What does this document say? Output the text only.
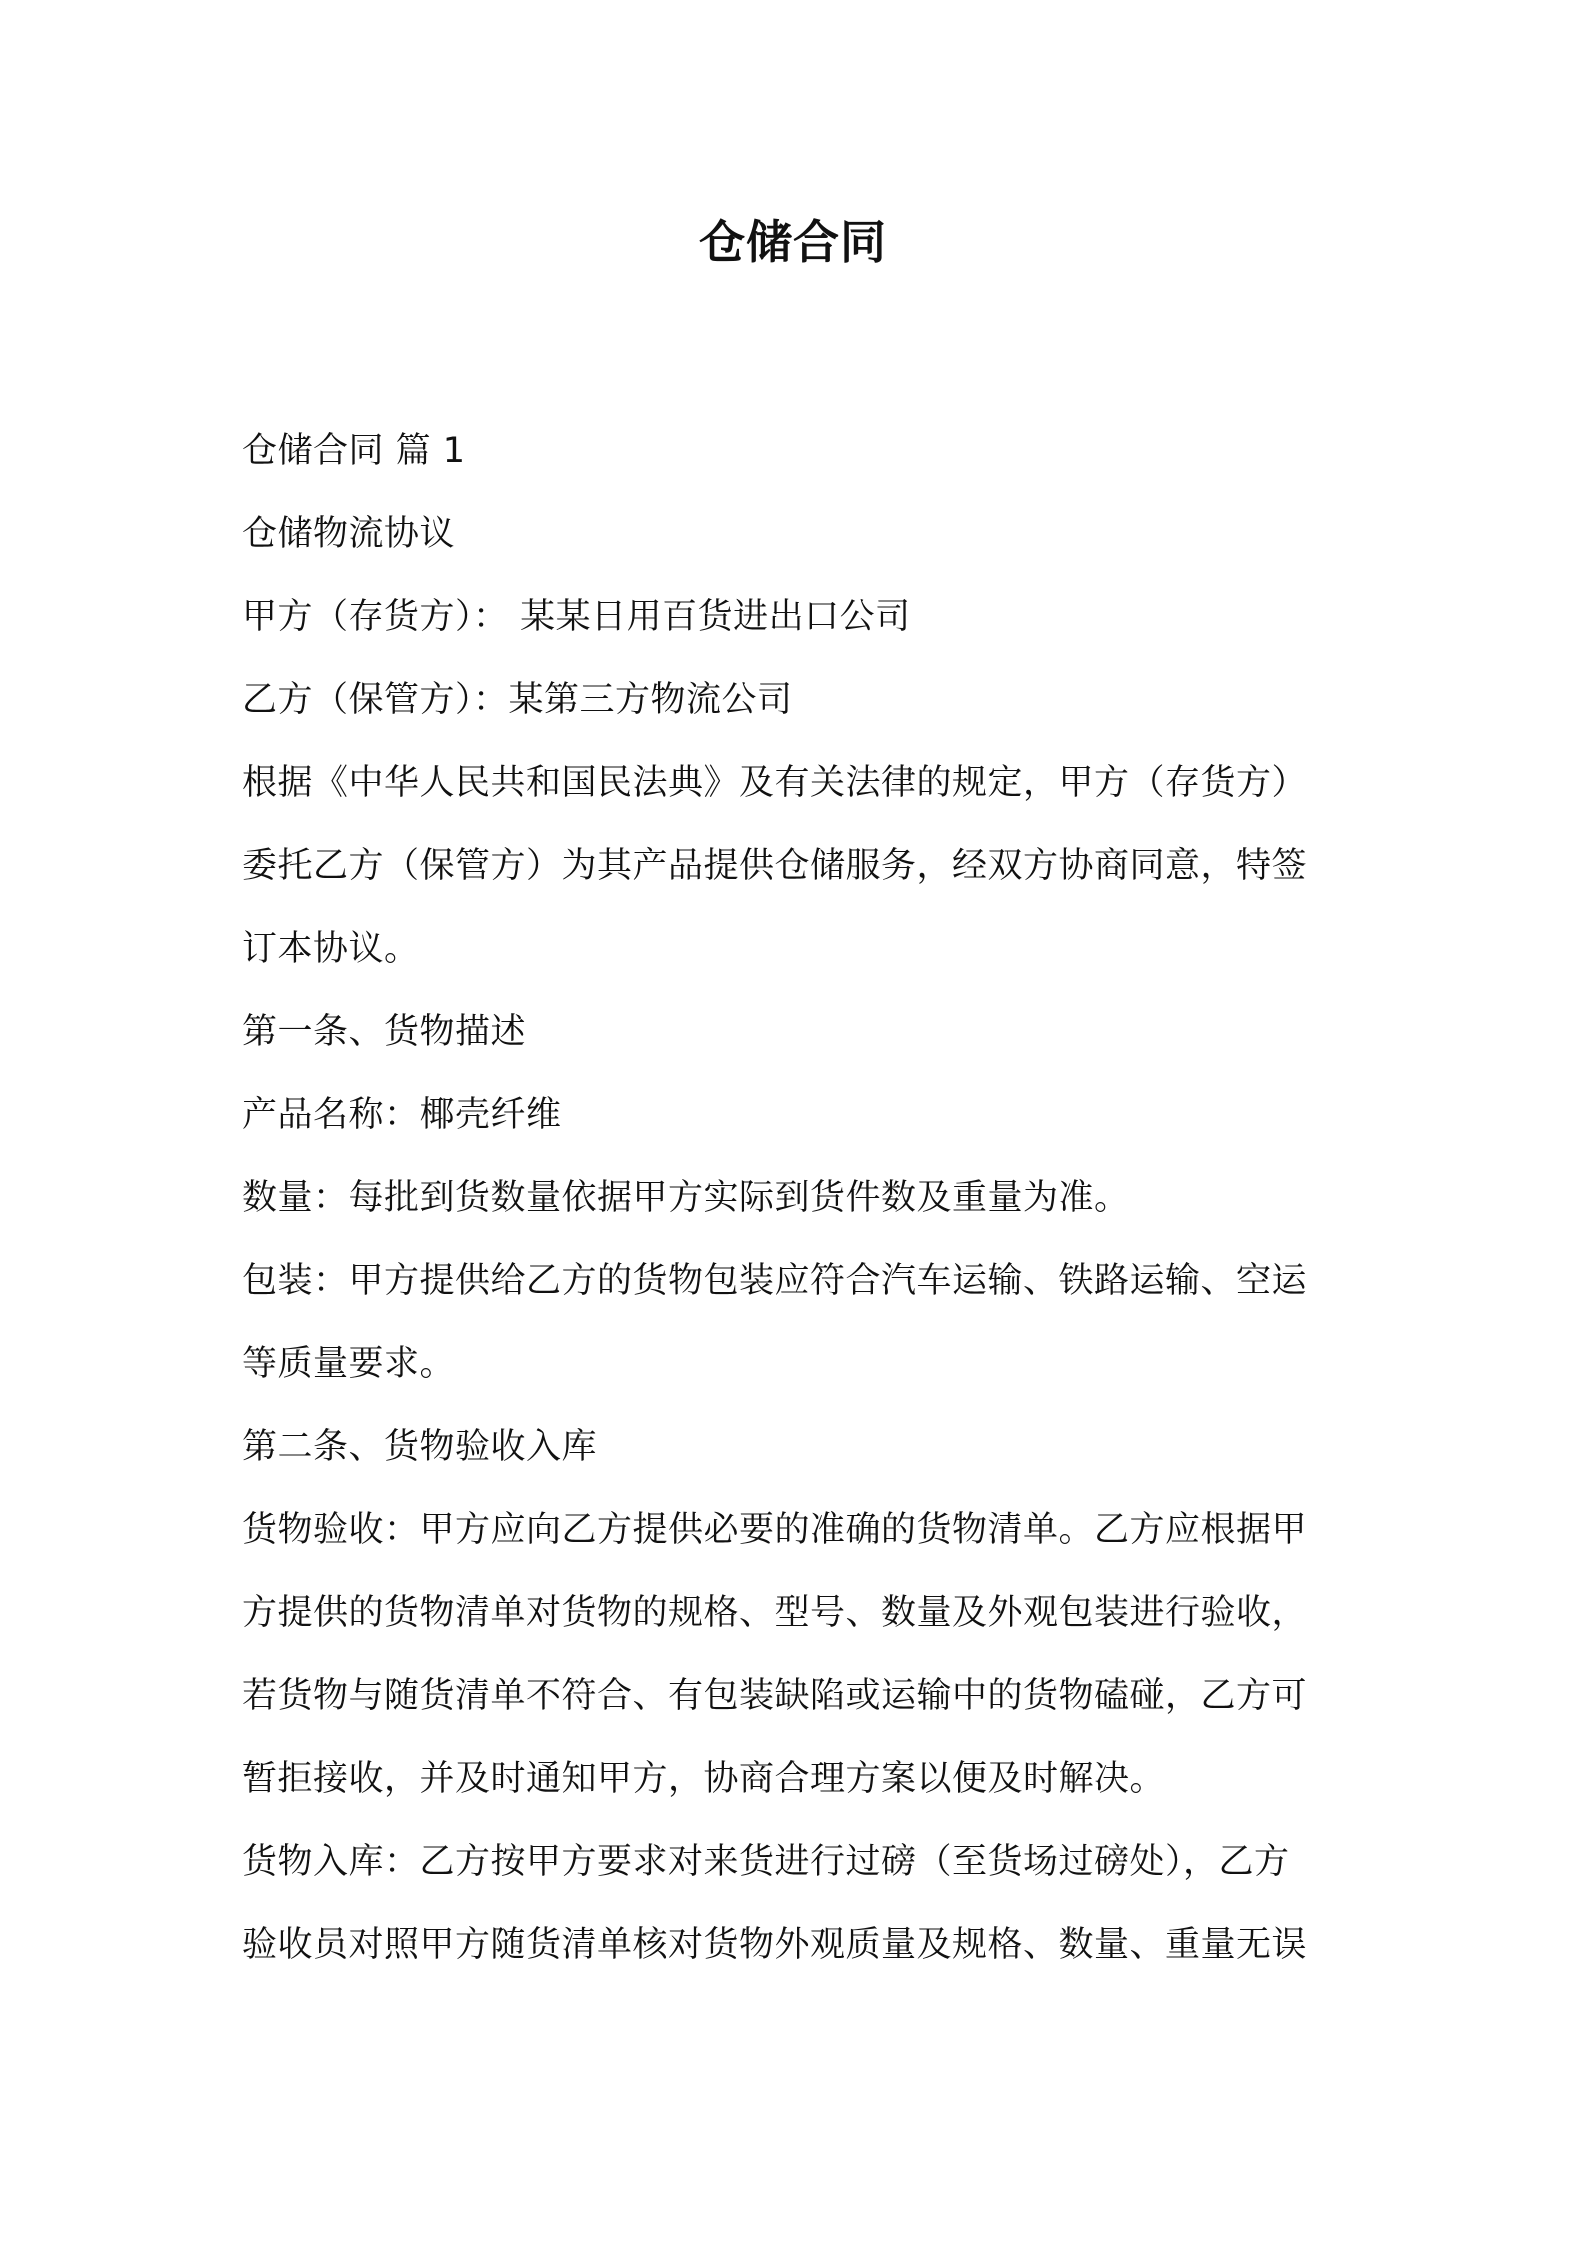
仓储合同
仓储合同 篇 1
仓储物流协议
甲方（存货方）： 某某日用百货进出口公司
乙方（保管方）：某第三方物流公司
根据《中华人民共和国民法典》及有关法律的规定，甲方（存货方）
委托乙方（保管方）为其产品提供仓储服务，经双方协商同意，特签
订本协议。
第一条、货物描述
产品名称：椰壳纤维
数量：每批到货数量依据甲方实际到货件数及重量为准。
包装：甲方提供给乙方的货物包装应符合汽车运输、铁路运输、空运
等质量要求。
第二条、货物验收入库
货物验收：甲方应向乙方提供必要的准确的货物清单。乙方应根据甲
方提供的货物清单对货物的规格、型号、数量及外观包装进行验收，
若货物与随货清单不符合、有包装缺陷或运输中的货物磕碰，乙方可
暂拒接收，并及时通知甲方，协商合理方案以便及时解决。
货物入库：乙方按甲方要求对来货进行过磅（至货场过磅处），乙方
验收员对照甲方随货清单核对货物外观质量及规格、数量、重量无误
